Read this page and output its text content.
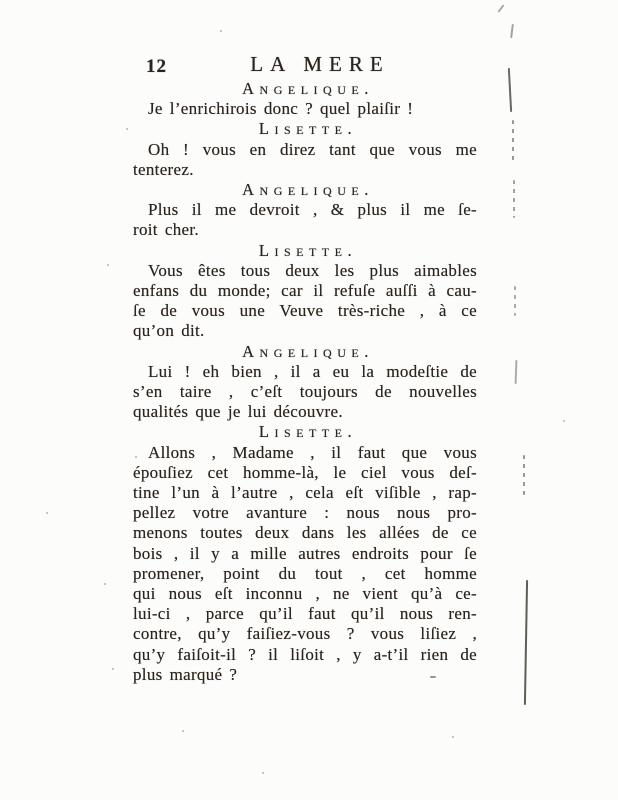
12	LA MERE
Angelique.
Je l’enrichirois donc ? quel plaiſir !
Lisette.
Oh ! vous en direz tant que vous me
tenterez.
Angelique.
Plus il me devroit , & plus il me ſe-
roit cher.
Lisette.
Vous êtes tous deux les plus aimables
enfans du monde; car il refuſe auſſi à cau-
ſe de vous une Veuve très-riche , à ce
qu’on dit.
Angelique.
Lui ! eh bien , il a eu la modeſtie de
s’en taire , c’eſt toujours de nouvelles
qualités que je lui découvre.
Lisette.
Allons , Madame , il faut que vous
épouſiez cet homme-là, le ciel vous deſ-
tine l’un à l’autre , cela eſt viſible , rap-
pellez votre avanture : nous nous pro-
menons toutes deux dans les allées de ce
bois , il y a mille autres endroits pour ſe
promener, point du tout , cet homme
qui nous eſt inconnu , ne vient qu’à ce-
lui-ci , parce qu’il faut qu’il nous ren-
contre, qu’y faiſiez-vous ? vous liſiez ,
qu’y faiſoit-il ? il liſoit , y a-t’il rien de
plus marqué ?
